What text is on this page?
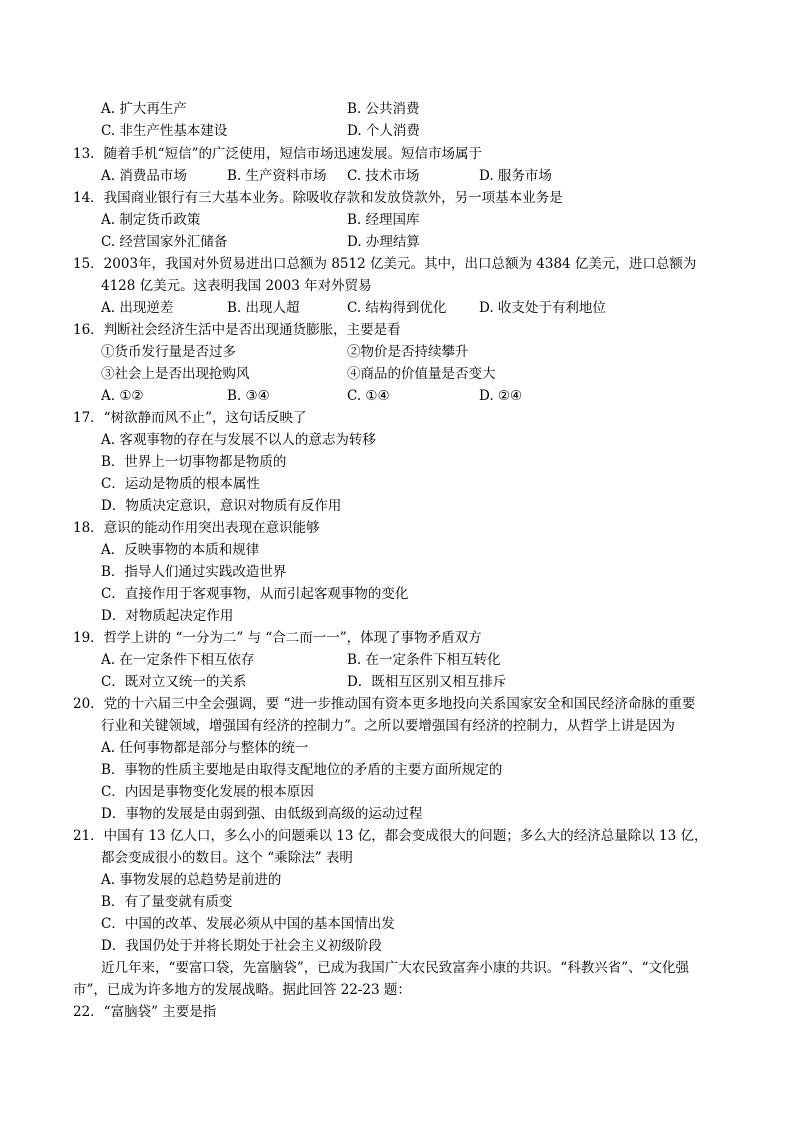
A. 扩大再生产	B. 公共消费
C. 非生产性基本建设	D. 个人消费
13．随着手机“短信”的广泛使用，短信市场迅速发展。短信市场属于
A. 消费品市场	B. 生产资料市场 C. 技术市场	D. 服务市场
14．我国商业银行有三大基本业务。除吸收存款和发放贷款外，另一项基本业务是
A. 制定货币政策	B. 经理国库
C. 经营国家外汇储备	D. 办理结算
15．2003年，我国对外贸易进出口总额为 8512 亿美元。其中，出口总额为 4384 亿美元，进口总额为
4128 亿美元。这表明我国 2003 年对外贸易
A. 出现逆差	B. 出现人超	C. 结构得到优化 D. 收支处于有利地位
16．判断社会经济生活中是否出现通货膨胀，主要是看
①货币发行量是否过多	②物价是否持续攀升
③社会上是否出现抢购风	④商品的价值量是否变大
A. ①②	B. ③④	C. ①④	D. ②④
17．“树欲静而风不止”，这句话反映了
A. 客观事物的存在与发展不以人的意志为转移
B．世界上一切事物都是物质的
C．运动是物质的根本属性
D．物质决定意识，意识对物质有反作用
18．意识的能动作用突出表现在意识能够
A．反映事物的本质和规律
B．指导人们通过实践改造世界
C．直接作用于客观事物，从而引起客观事物的变化
D．对物质起决定作用
19．哲学上讲的 “一分为二” 与 “合二而一一”，体现了事物矛盾双方
A. 在一定条件下相互依存	B. 在一定条件下相互转化
C．既对立又统一的关系	D．既相互区别又相互排斥
20．党的十六届三中全会强调，要 “进一步推动国有资本更多地投向关系国家安全和国民经济命脉的重要
行业和关键领域，增强国有经济的控制力”。之所以要增强国有经济的控制力，从哲学上讲是因为
A. 任何事物都是部分与整体的统一
B．事物的性质主要地是由取得支配地位的矛盾的主要方面所规定的
C．内因是事物变化发展的根本原因
D．事物的发展是由弱到强、由低级到高级的运动过程
21．中国有 13 亿人口，多么小的问题乘以 13 亿，都会变成很大的问题；多么大的经济总量除以 13 亿，
都会变成很小的数目。这个 “乘除法” 表明
A. 事物发展的总趋势是前进的
B．有了量变就有质变
C．中国的改革、发展必须从中国的基本国情出发
D．我国仍处于并将长期处于社会主义初级阶段
近几年来，“要富口袋，先富脑袋”，已成为我国广大农民致富奔小康的共识。“科教兴省”、“文化强
市”，已成为许多地方的发展战略。据此回答 22-23 题：
22．“富脑袋” 主要是指
